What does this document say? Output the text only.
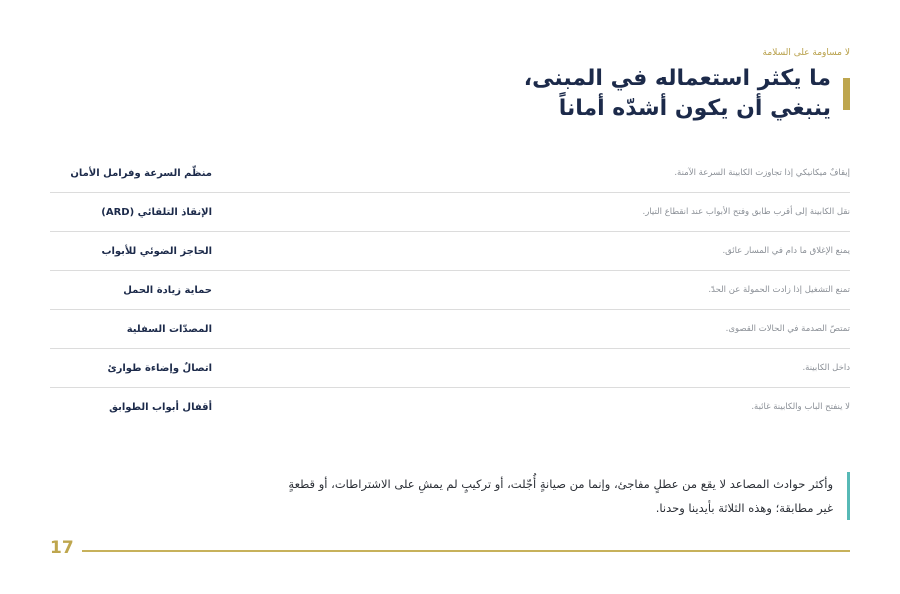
لا مساومة على السلامة
ما يكثر استعماله في المبنى،
ينبغي أن يكون أشدّه أماناً
منظّم السرعة وفرامل الأمان	إيقافٌ ميكانيكي إذا تجاوزت الكابينة السرعة الآمنة.
الإنقاذ التلقائي (ARD)	نقل الكابينة إلى أقرب طابق وفتح الأبواب عند انقطاع التيار.
الحاجز الضوئي للأبواب	يمنع الإغلاق ما دام في المسار عائق.
حماية زيادة الحمل	تمنع التشغيل إذا زادت الحمولة عن الحدّ.
المصدّات السفلية	تمتصّ الصدمة في الحالات القصوى.
اتصالٌ وإضاءة طوارئ	داخل الكابينة.
أقفال أبواب الطوابق	لا ينفتح الباب والكابينة غائبة.

وأكثر حوادث المصاعد لا يقع من عطلٍ مفاجئ، وإنما من صيانةٍ أُجّلت، أو تركيبٍ لم يمشِ على الاشتراطات، أو قطعةٍ
غير مطابقة؛ وهذه الثلاثة بأيدينا وحدنا.

17
